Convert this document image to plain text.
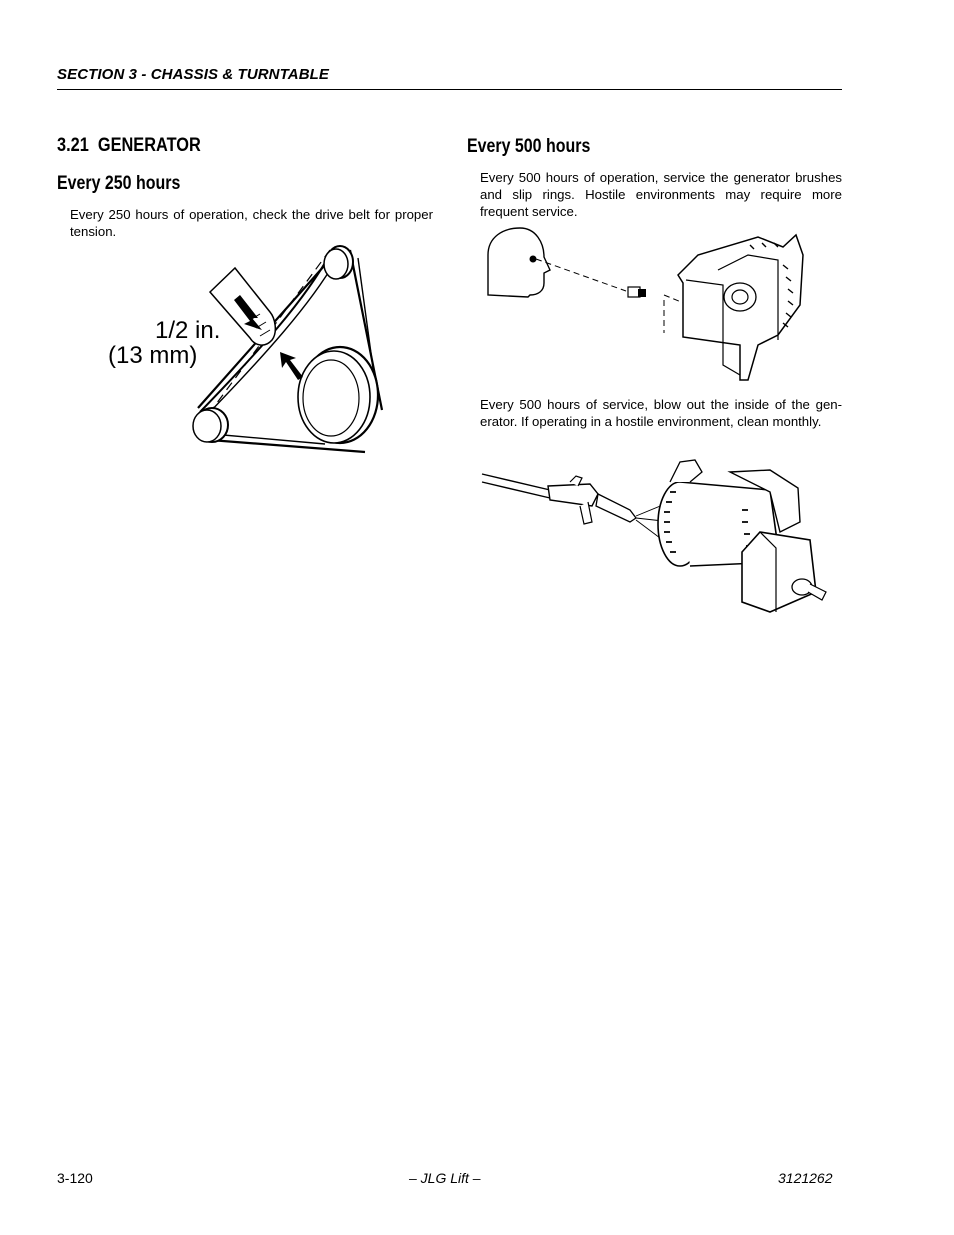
SECTION 3 - CHASSIS & TURNTABLE
3.21 GENERATOR
Every 250 hours
Every 250 hours of operation, check the drive belt for proper tension.
1/2 in.
(13 mm)
Every 500 hours
Every 500 hours of operation, service the generator brushes and slip rings. Hostile environments may require more frequent service.
Every 500 hours of service, blow out the inside of the gen-erator. If operating in a hostile environment, clean monthly.
3-120	– JLG Lift –	3121262
